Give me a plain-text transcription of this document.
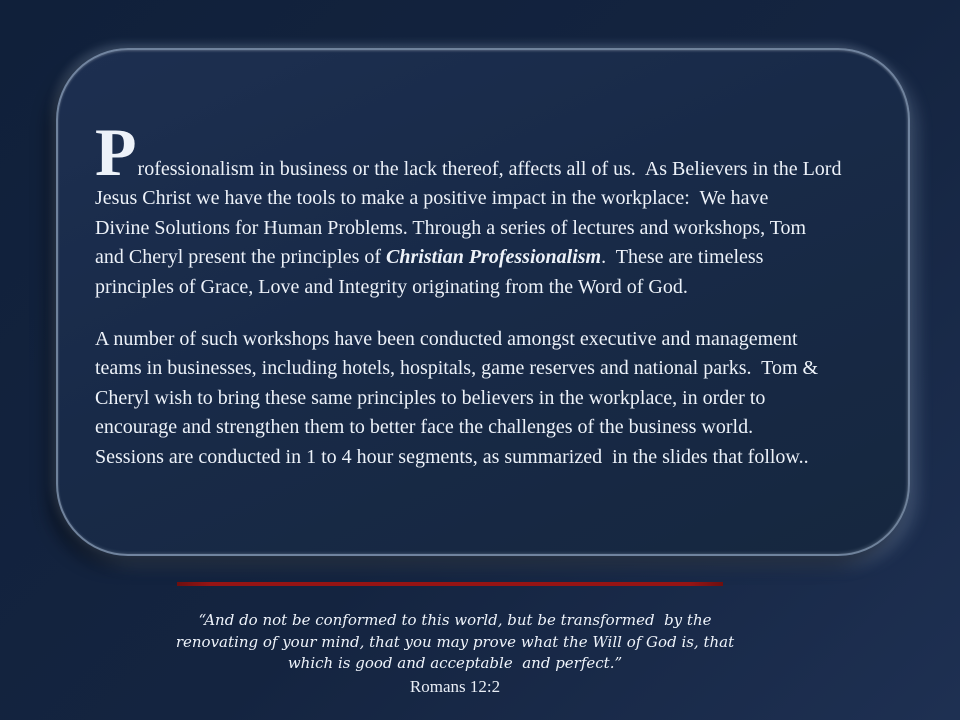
Professionalism in business or the lack thereof, affects all of us.  As Believers in the Lord
Jesus Christ we have the tools to make a positive impact in the workplace:  We have
Divine Solutions for Human Problems. Through a series of lectures and workshops, Tom
and Cheryl present the principles of Christian Professionalism.  These are timeless
principles of Grace, Love and Integrity originating from the Word of God.
A number of such workshops have been conducted amongst executive and management
teams in businesses, including hotels, hospitals, game reserves and national parks.  Tom &
Cheryl wish to bring these same principles to believers in the workplace, in order to
encourage and strengthen them to better face the challenges of the business world.
Sessions are conducted in 1 to 4 hour segments, as summarized  in the slides that follow..
“And do not be conformed to this world, but be transformed  by the
renovating of your mind, that you may prove what the Will of God is, that
which is good and acceptable  and perfect.”
Romans 12:2
